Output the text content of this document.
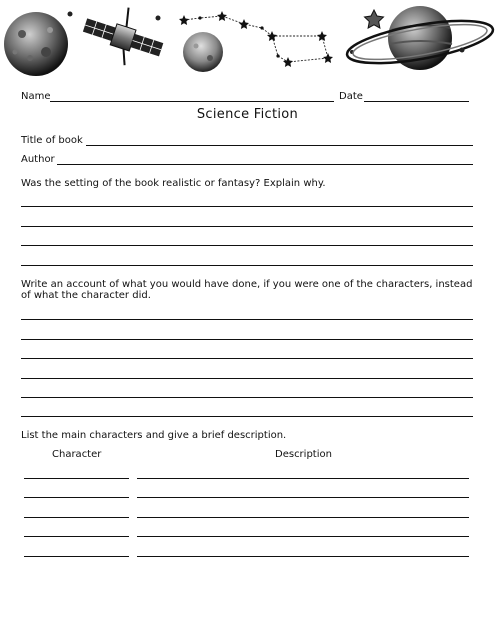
Name	Date
Science Fiction
Title of book
Author
Was the setting of the book realistic or fantasy? Explain why.
Write an account of what you would have done, if you were one of the characters, instead of what the character did.
List the main characters and give a brief description.
Character	Description
